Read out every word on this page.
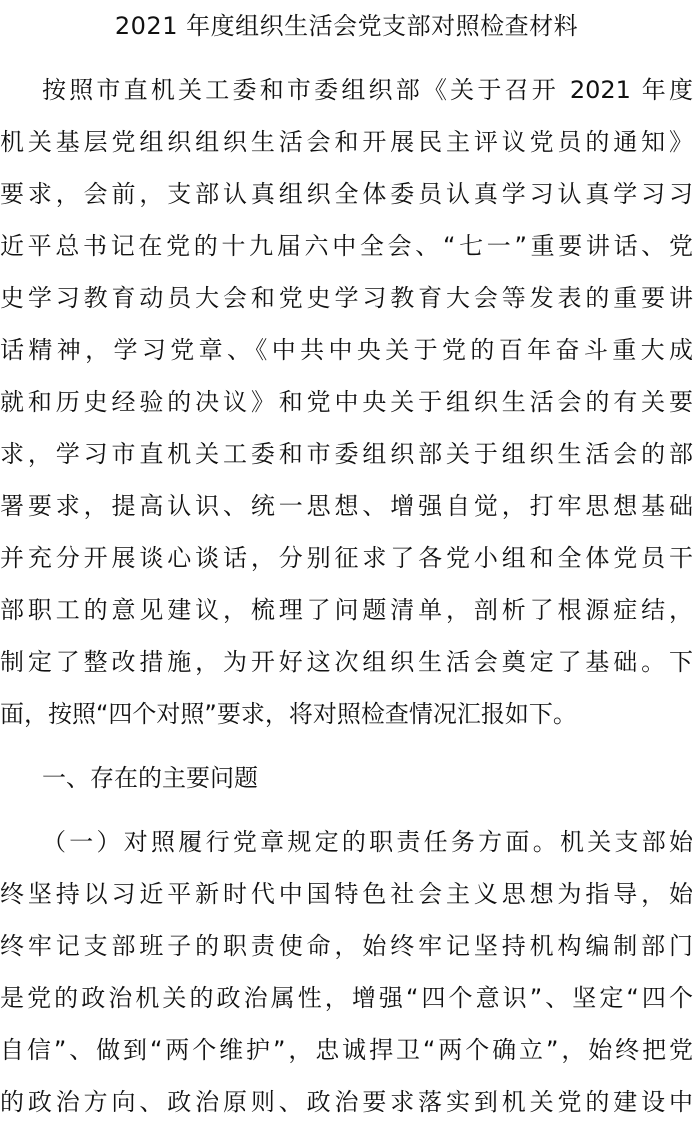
2021 年度组织生活会党支部对照检查材料
按照市直机关工委和市委组织部《关于召开 2021 年度
机关基层党组织组织生活会和开展民主评议党员的通知》
要求，会前，支部认真组织全体委员认真学习认真学习习
近平总书记在党的十九届六中全会、“七一”重要讲话、党
史学习教育动员大会和党史学习教育大会等发表的重要讲
话精神，学习党章、《中共中央关于党的百年奋斗重大成
就和历史经验的决议》和党中央关于组织生活会的有关要
求，学习市直机关工委和市委组织部关于组织生活会的部
署要求，提高认识、统一思想、增强自觉，打牢思想基础
并充分开展谈心谈话，分别征求了各党小组和全体党员干
部职工的意见建议，梳理了问题清单，剖析了根源症结，
制定了整改措施，为开好这次组织生活会奠定了基础。下
面，按照“四个对照”要求，将对照检查情况汇报如下。
一、存在的主要问题
（一）对照履行党章规定的职责任务方面。机关支部始
终坚持以习近平新时代中国特色社会主义思想为指导，始
终牢记支部班子的职责使命，始终牢记坚持机构编制部门
是党的政治机关的政治属性，增强“四个意识”、坚定“四个
自信”、做到“两个维护”，忠诚捍卫“两个确立”，始终把党
的政治方向、政治原则、政治要求落实到机关党的建设中
